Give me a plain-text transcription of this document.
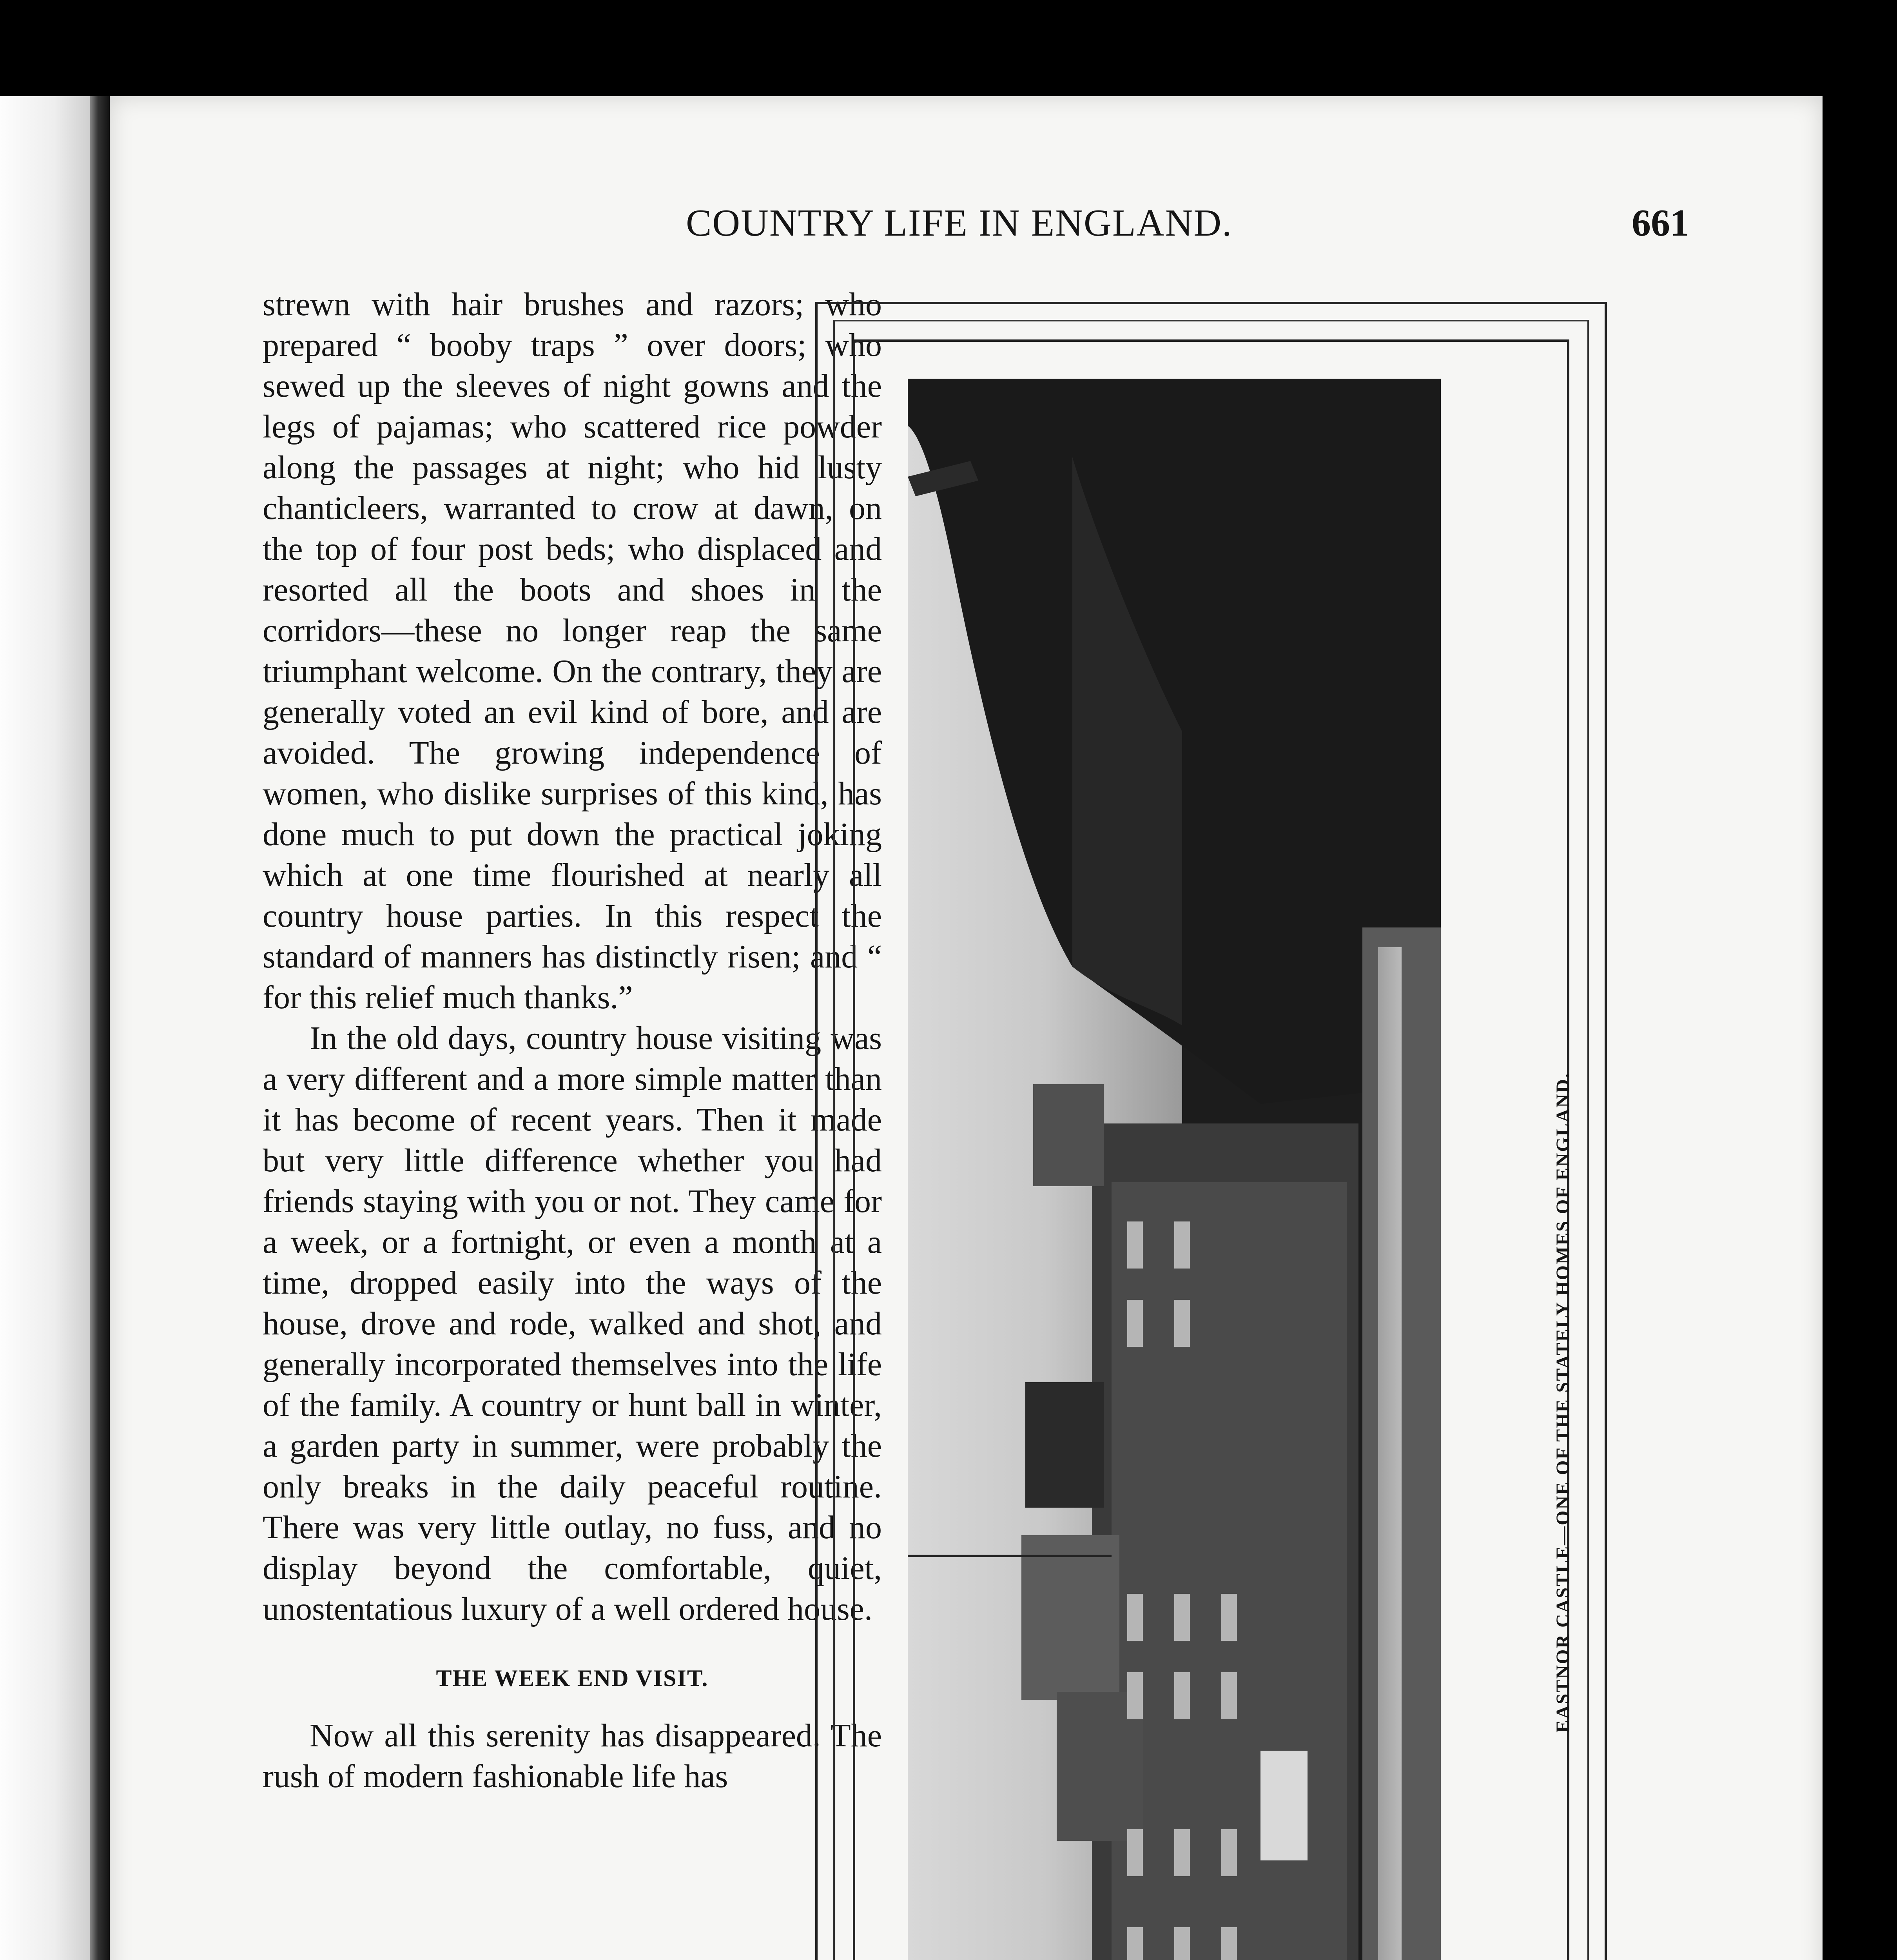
COUNTRY LIFE IN ENGLAND.	661

strewn with hair brushes and razors; who prepared “ booby traps ” over doors; who sewed up the sleeves of night gowns and the legs of pajamas; who scattered rice powder along the passages at night; who hid lusty chanticleers, warranted to crow at dawn, on the top of four post beds; who displaced and resorted all the boots and shoes in the corridors—these no longer reap the same triumphant welcome. On the contrary, they are generally voted an evil kind of bore, and are avoided. The growing independence of women, who dislike surprises of this kind, has done much to put down the practical joking which at one time flourished at nearly all country house parties. In this respect the standard of manners has distinctly risen; and “ for this relief much thanks.”

In the old days, country house visiting was a very different and a more simple matter than it has become of recent years. Then it made but very little difference whether you had friends staying with you or not. They came for a week, or a fortnight, or even a month at a time, dropped easily into the ways of the house, drove and rode, walked and shot, and generally incorporated themselves into the life of the family. A country or hunt ball in winter, a garden party in summer, were probably the only breaks in the daily peaceful routine. There was very little outlay, no fuss, and no display beyond the comfortable, quiet, unostentatious luxury of a well ordered house.

THE WEEK END VISIT.

Now all this serenity has disappeared. The rush of modern fashionable life has

EASTNOR CASTLE—ONE OF THE STATELY HOMES OF ENGLAND.
